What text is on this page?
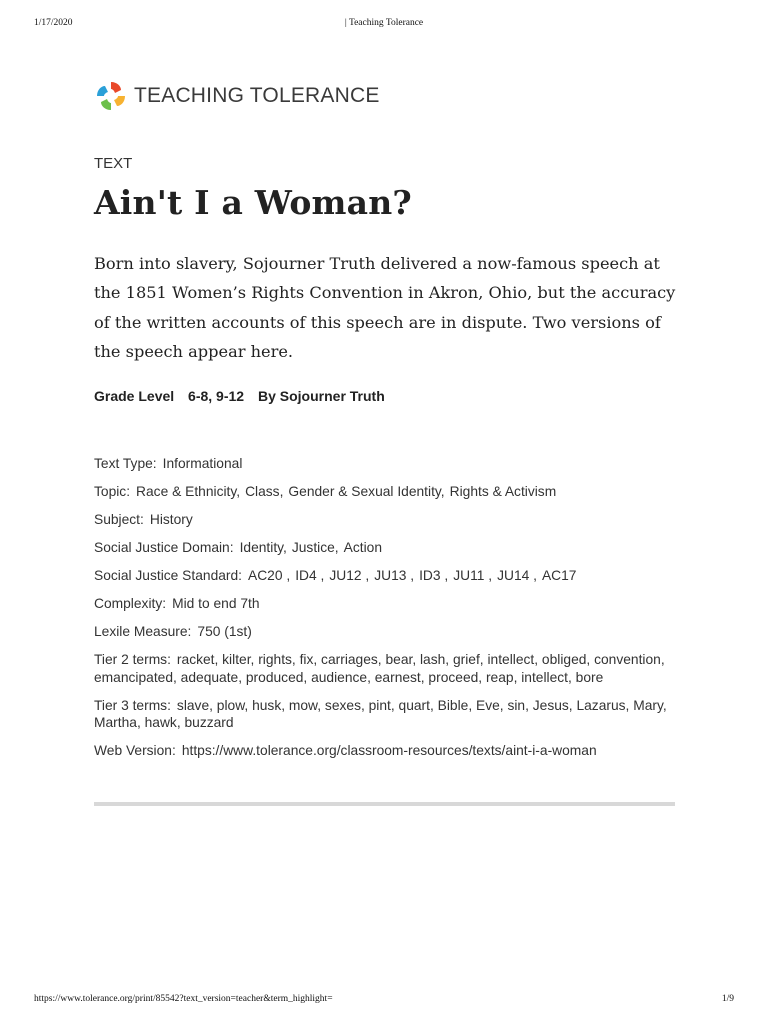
1/17/2020	| Teaching Tolerance
TEACHING TOLERANCE
TEXT
Ain't I a Woman?

Born into slavery, Sojourner Truth delivered a now-famous speech at the 1851 Women’s Rights Convention in Akron, Ohio, but the accuracy of the written accounts of this speech are in dispute. Two versions of the speech appear here.

Grade Level 6-8, 9-12 By Sojourner Truth
Text Type: Informational
Topic: Race & Ethnicity, Class, Gender & Sexual Identity, Rights & Activism
Subject: History
Social Justice Domain: Identity, Justice, Action
Social Justice Standard: AC20 , ID4 , JU12 , JU13 , ID3 , JU11 , JU14 , AC17
Complexity: Mid to end 7th
Lexile Measure: 750 (1st)
Tier 2 terms: racket, kilter, rights, fix, carriages, bear, lash, grief, intellect, obliged, convention, emancipated, adequate, produced, audience, earnest, proceed, reap, intellect, bore
Tier 3 terms: slave, plow, husk, mow, sexes, pint, quart, Bible, Eve, sin, Jesus, Lazarus, Mary, Martha, hawk, buzzard
Web Version: https://www.tolerance.org/classroom-resources/texts/aint-i-a-woman
https://www.tolerance.org/print/85542?text_version=teacher&term_highlight=	1/9
